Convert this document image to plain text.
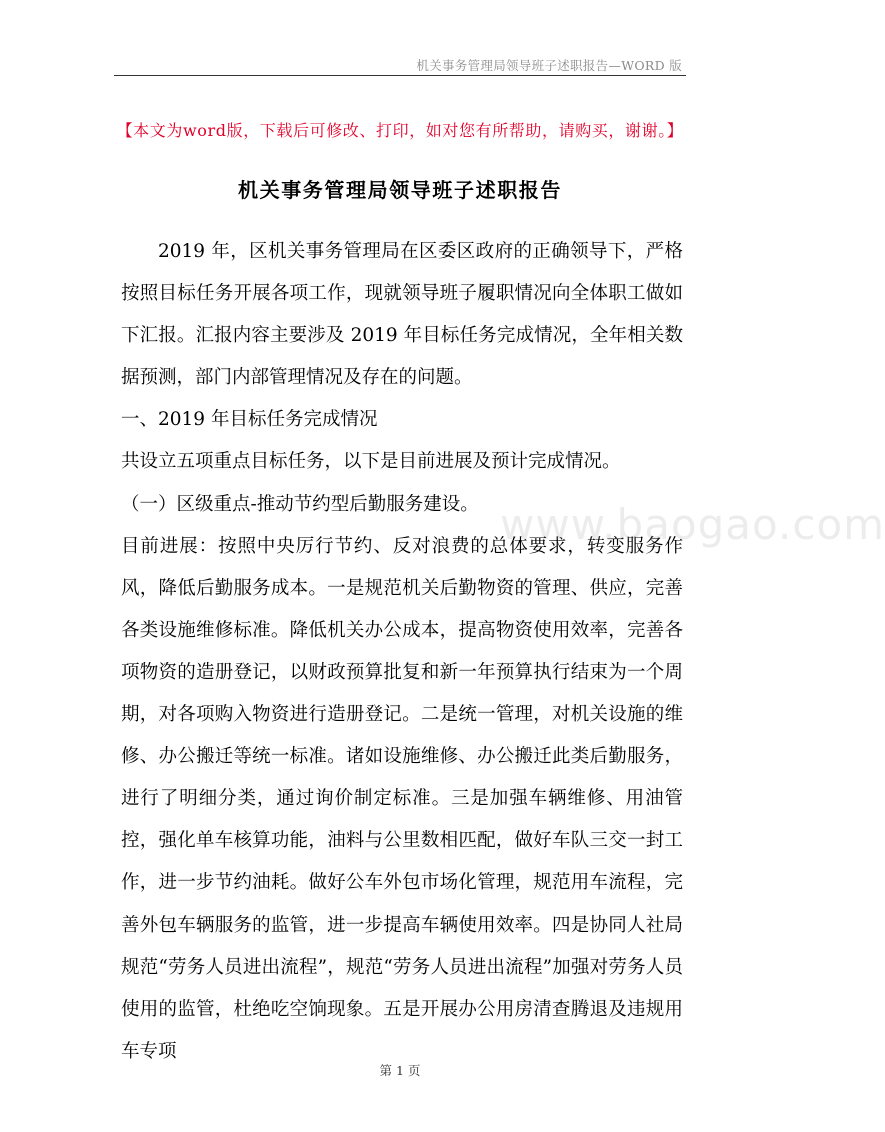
机关事务管理局领导班子述职报告—WORD 版
【本文为word版，下载后可修改、打印，如对您有所帮助，请购买，谢谢。】
机关事务管理局领导班子述职报告

2019 年，区机关事务管理局在区委区政府的正确领导下，严格按照目标任务开展各项工作，现就领导班子履职情况向全体职工做如下汇报。汇报内容主要涉及 2019 年目标任务完成情况，全年相关数据预测，部门内部管理情况及存在的问题。

一、2019 年目标任务完成情况

共设立五项重点目标任务，以下是目前进展及预计完成情况。

（一）区级重点-推动节约型后勤服务建设。

目前进展：按照中央厉行节约、反对浪费的总体要求，转变服务作风，降低后勤服务成本。一是规范机关后勤物资的管理、供应，完善各类设施维修标准。降低机关办公成本，提高物资使用效率，完善各项物资的造册登记，以财政预算批复和新一年预算执行结束为一个周期，对各项购入物资进行造册登记。二是统一管理，对机关设施的维修、办公搬迁等统一标准。诸如设施维修、办公搬迁此类后勤服务，进行了明细分类，通过询价制定标准。三是加强车辆维修、用油管控，强化单车核算功能，油料与公里数相匹配，做好车队三交一封工作，进一步节约油耗。做好公车外包市场化管理，规范用车流程，完善外包车辆服务的监管，进一步提高车辆使用效率。四是协同人社局规范“劳务人员进出流程”，规范“劳务人员进出流程”加强对劳务人员使用的监管，杜绝吃空饷现象。五是开展办公用房清查腾退及违规用车专项

www.baogao.com
第 1 页
